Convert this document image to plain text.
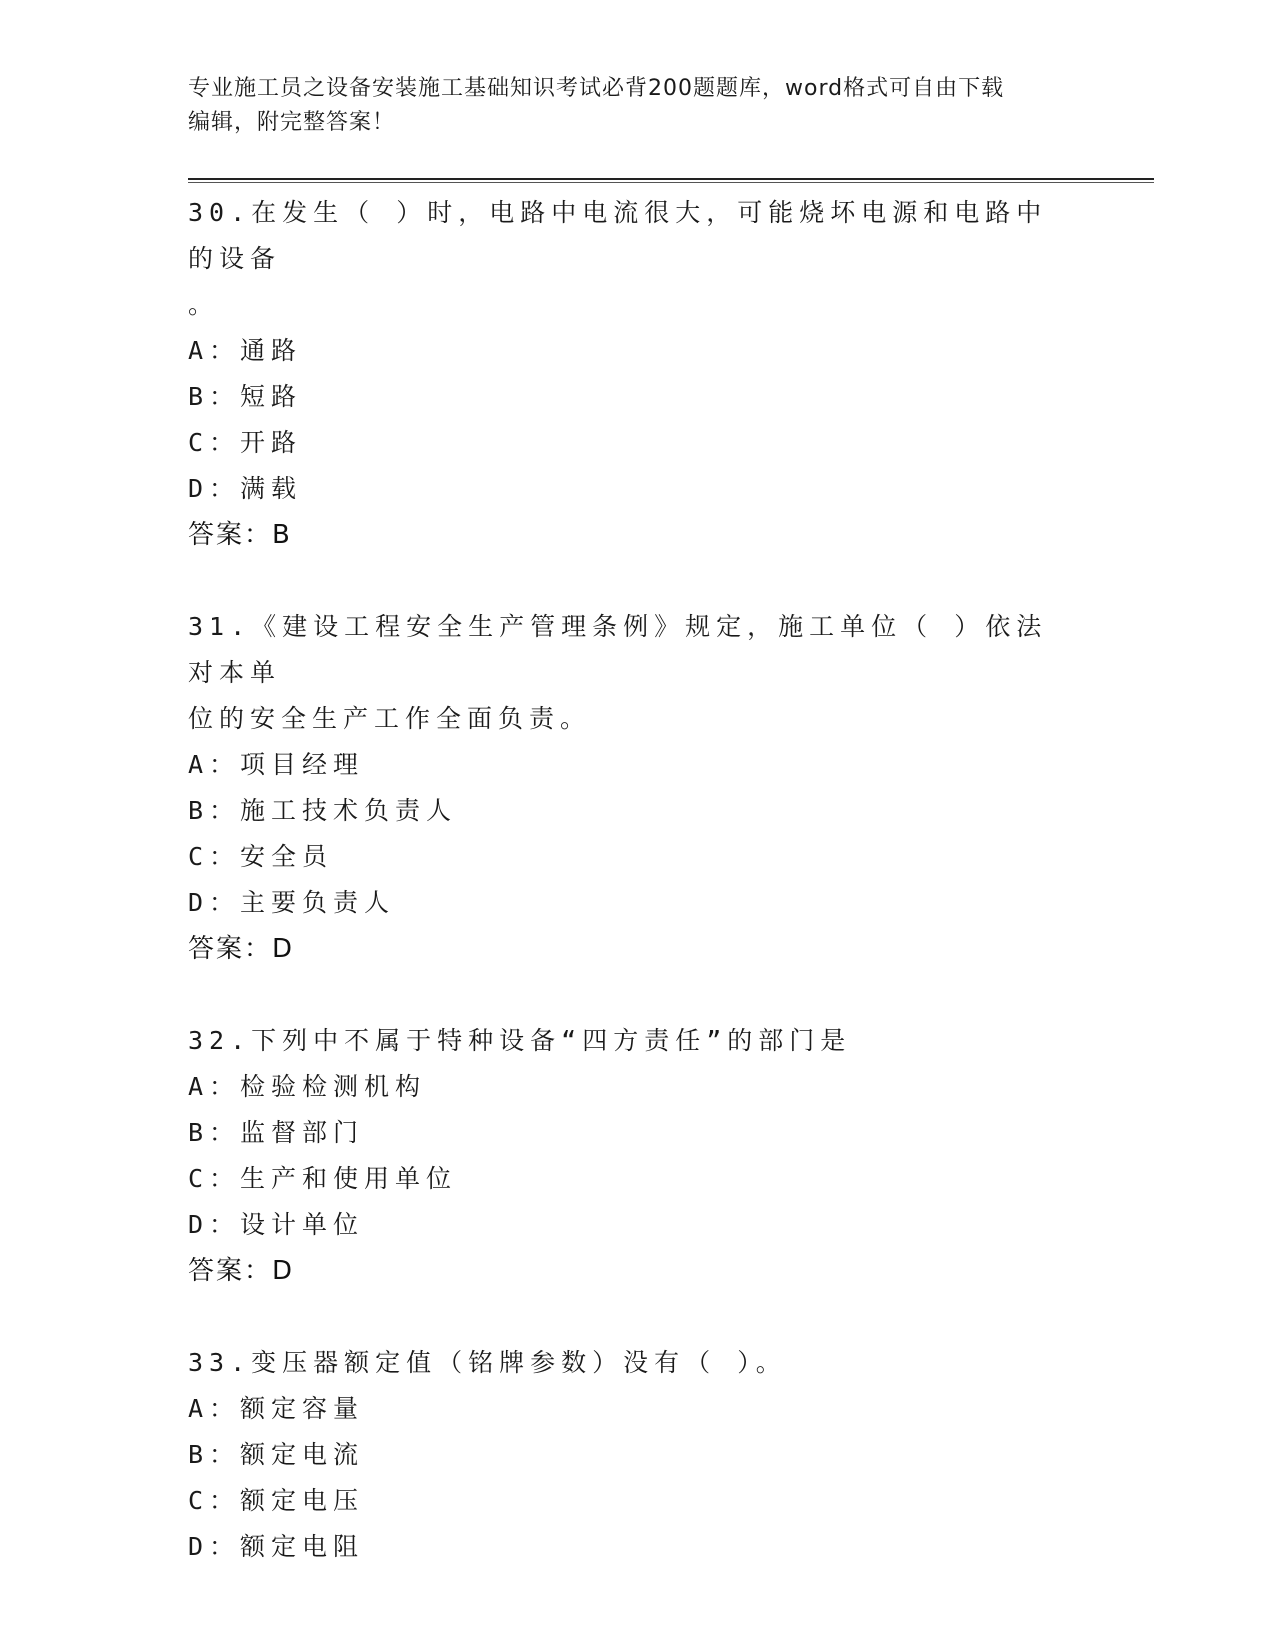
专业施工员之设备安装施工基础知识考试必背200题题库，word格式可自由下载
编辑，附完整答案！
30.在发生（ ）时，电路中电流很大，可能烧坏电源和电路中的设备
。
A：通路
B：短路
C：开路
D：满载
答案：B
31.《建设工程安全生产管理条例》规定，施工单位（ ）依法对本单
位的安全生产工作全面负责。
A：项目经理
B：施工技术负责人
C：安全员
D：主要负责人
答案：D
32.下列中不属于特种设备“四方责任”的部门是
A：检验检测机构
B：监督部门
C：生产和使用单位
D：设计单位
答案：D
33.变压器额定值（铭牌参数）没有（ ）。
A：额定容量
B：额定电流
C：额定电压
D：额定电阻
